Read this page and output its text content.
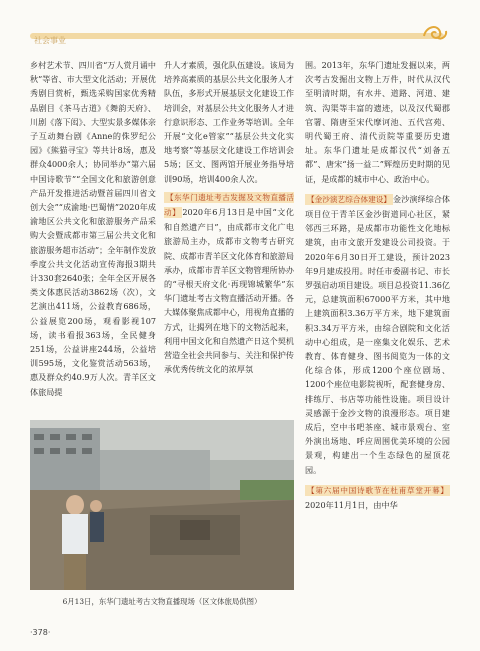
社会事业

乡村艺术节、四川省“万人赏月诵中秋”等省、市大型文化活动；开展优秀剧目赏析，甄选采购国家优秀精品剧目《茶马古道》《舞韵天府》、川剧《落下闳》、大型实景多媒体亲子互动舞台剧《Anne的侏罗纪公园》《熊猫寻宝》等共计8场，惠及群众4000余人；协同举办“第六届中国诗歌节”“全国文化和旅游创意产品开发推进活动暨首届四川省文创大会”“成渝地·巴蜀情”2020年成渝地区公共文化和旅游服务产品采购大会暨成都市第三届公共文化和旅游服务超市活动”；全年制作发放季度公共文化活动宣传海报3期共计330套2640张；全年全区开展各类文体惠民活动3862场（次），文艺演出411场，公益教育686场，公益展览200场，观看影视107场，读书看报363场，全民健身251场，公益讲座244场，公益培训595场，文化鉴赏活动563场，惠及群众约40.9万人次。青羊区文体旅局提

升人才素质，强化队伍建设。该局为培养高素质的基层公共文化服务人才队伍，多形式开展基层文化建设工作培训会，对基层公共文化服务人才进行意识形态、工作业务等培训。全年开展“文化e管家”“基层公共文化实地考察”等基层文化建设工作培训会5场；区文、图两馆开展业务指导培训90场，培训400余人次。

【东华门遗址考古发掘及文物直播活动】 2020年6月13日是中国“文化和自然遗产日”，由成都市文化广电旅游局主办，成都市文物考古研究院、成都市青羊区文化体育和旅游局承办，成都市青羊区文物管理所协办的“寻根天府文化·再现锦城繁华”东华门遗址考古文物直播活动开播。各大媒体聚焦成都中心，用视角直播的方式，让揭列在地下的文物活起来，利用中国文化和自然遗产日这个契机营造全社会共同参与、关注和保护传承优秀传统文化的浓厚氛

围。2013年，东华门遗址发掘以来，两次考古发掘出文物上万件，时代从汉代至明清时期，有水井、道路、河道、建筑、沟渠等丰富的遗迹，以及汉代蜀郡官署、隋唐至宋代摩诃池、五代宫苑、明代蜀王府、清代贡院等重要历史遗址。东华门遗址是成都汉代“刘备五都”、唐宋“扬一益二”辉煌历史时期的见证，是成都的城市中心、政治中心。

【金沙演艺综合体建设】 金沙演绎综合体项目位于青羊区金沙街道同心社区，紧邻西三环路，是成都市功能性文化地标建筑，由市文旅开发建设公司投资。于2020年6月30日开工建设，预计2023年9月建成投用。时任市委副书记、市长罗强启动项目建设。项目总投资11.36亿元，总建筑面积67000平方米，其中地上建筑面积3.36万平方米，地下建筑面积3.34万平方米，由综合剧院和文化活动中心组成，是一座集文化娱乐、艺术教育、体育健身、图书阅览为一体的文化综合体，形成1200个座位剧场、1200个座位电影院视听，配套健身房、排练厅、书店等功能性设施。项目设计灵感源于金沙文物的浪漫形态。项目建成后，空中书吧茶座、城市景观台、室外演出场地、呼应周围优美环境的公园景观，构建出一个生态绿色的屋顶花园。

【第六届中国诗歌节在杜甫草堂开幕】2020年11月1日，由中华

6月13日，东华门遗址考古文物直播现场（区文体旅局供图）
·378·
